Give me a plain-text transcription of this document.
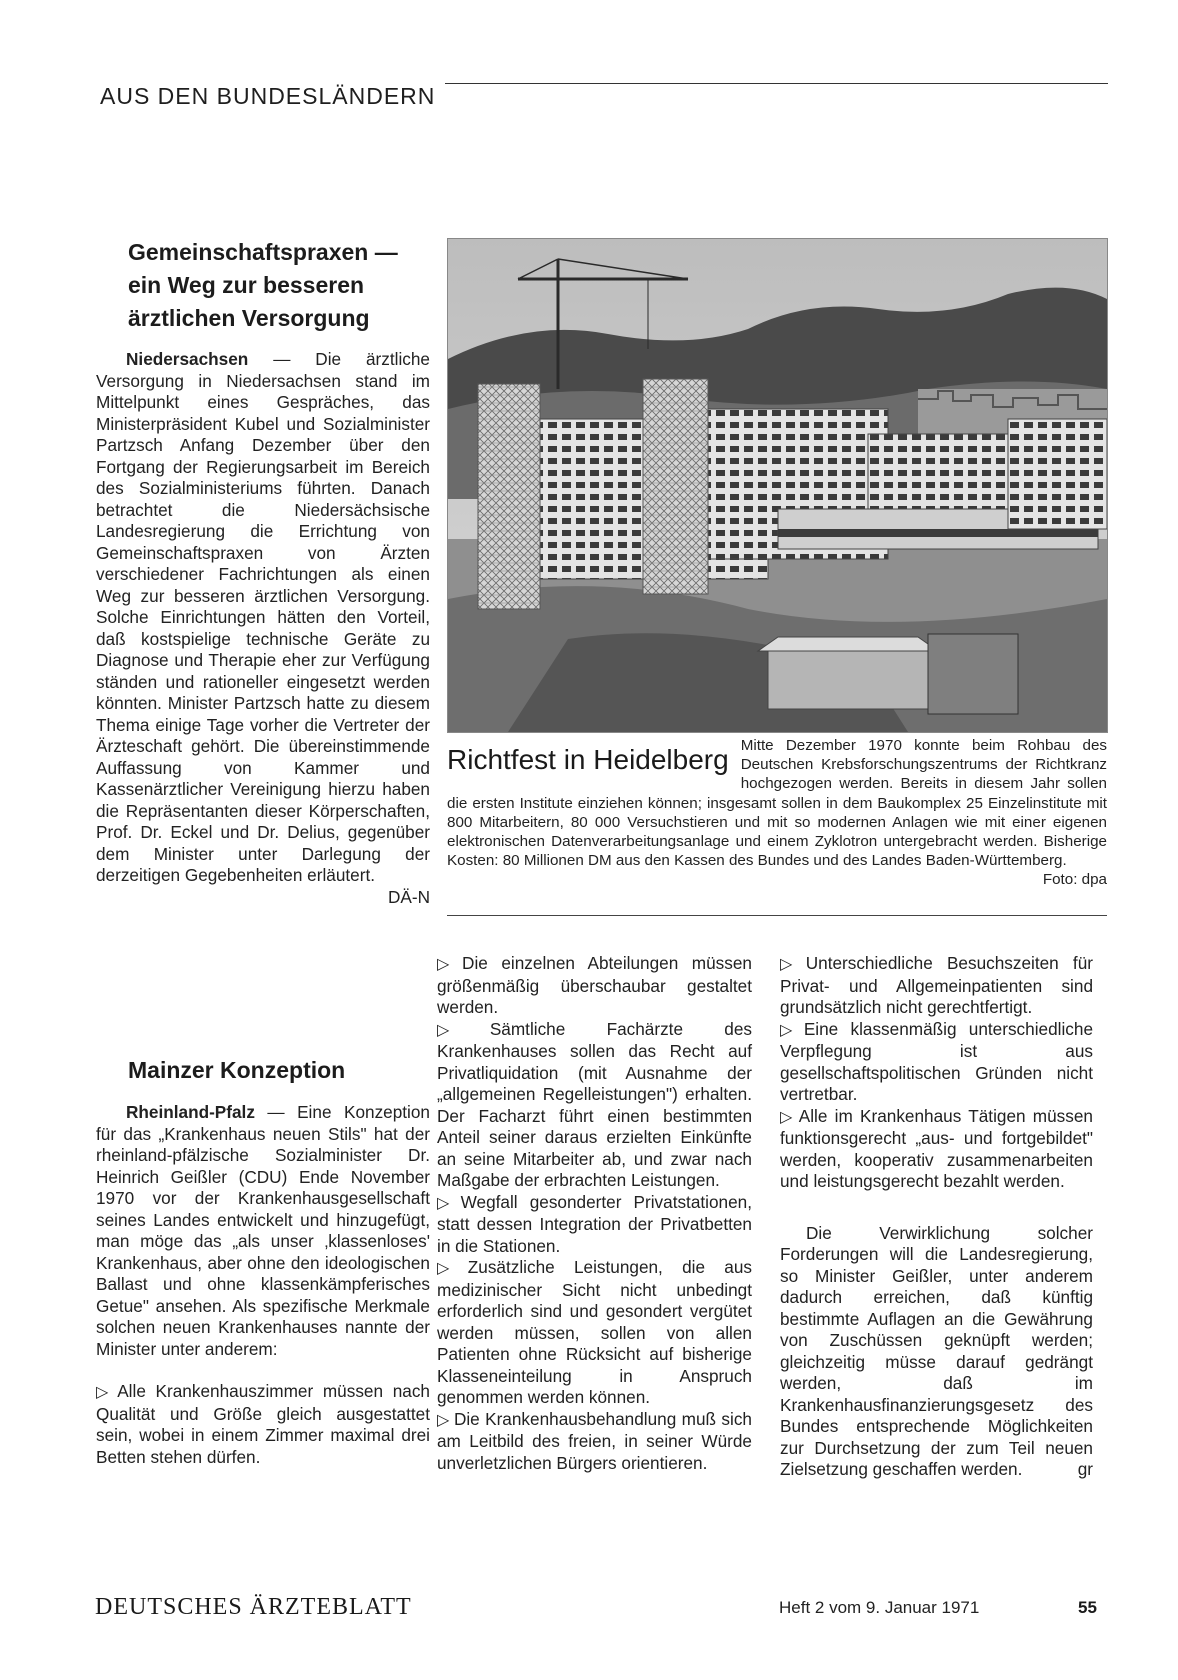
AUS DEN BUNDESLÄNDERN
Gemeinschaftspraxen —
ein Weg zur besseren
ärztlichen Versorgung

Niedersachsen — Die ärztliche Versorgung in Niedersachsen stand im Mittelpunkt eines Gespräches, das Ministerpräsident Kubel und Sozialminister Partzsch Anfang Dezember über den Fortgang der Regierungsarbeit im Bereich des Sozialministeriums führten. Danach betrachtet die Niedersächsische Landesregierung die Errichtung von Gemeinschaftspraxen von Ärzten verschiedener Fachrichtungen als einen Weg zur besseren ärztlichen Versorgung. Solche Einrichtungen hätten den Vorteil, daß kostspielige technische Geräte zu Diagnose und Therapie eher zur Verfügung ständen und rationeller eingesetzt werden könnten. Minister Partzsch hatte zu diesem Thema einige Tage vorher die Vertreter der Ärzteschaft gehört. Die übereinstimmende Auffassung von Kammer und Kassenärztlicher Vereinigung hierzu haben die Repräsentanten dieser Körperschaften, Prof. Dr. Eckel und Dr. Delius, gegenüber dem Minister unter Darlegung der derzeitigen Gegebenheiten erläutert.
DÄ-N

Mainzer Konzeption

Rheinland-Pfalz — Eine Konzeption für das „Krankenhaus neuen Stils" hat der rheinland-pfälzische Sozialminister Dr. Heinrich Geißler (CDU) Ende November 1970 vor der Krankenhausgesellschaft seines Landes entwickelt und hinzugefügt, man möge das „als unser ‚klassenloses' Krankenhaus, aber ohne den ideologischen Ballast und ohne klassenkämpferisches Getue" ansehen. Als spezifische Merkmale solchen neuen Krankenhauses nannte der Minister unter anderem:

▷ Alle Krankenhauszimmer müssen nach Qualität und Größe gleich ausgestattet sein, wobei in einem Zimmer maximal drei Betten stehen dürfen.

Richtfest in Heidelberg Mitte Dezember 1970 konnte beim Rohbau des Deutschen Krebsforschungszentrums der Richtkranz hochgezogen werden. Bereits in diesem Jahr sollen die ersten Institute einziehen können; insgesamt sollen in dem Baukomplex 25 Einzelinstitute mit 800 Mitarbeitern, 80 000 Versuchstieren und mit so modernen Anlagen wie mit einer eigenen elektronischen Datenverarbeitungsanlage und einem Zyklotron untergebracht werden. Bisherige Kosten: 80 Millionen DM aus den Kassen des Bundes und des Landes Baden-Württemberg.

Foto: dpa

▷ Die einzelnen Abteilungen müssen größenmäßig überschaubar gestaltet werden.

▷ Sämtliche Fachärzte des Krankenhauses sollen das Recht auf Privatliquidation (mit Ausnahme der „allgemeinen Regelleistungen") erhalten. Der Facharzt führt einen bestimmten Anteil seiner daraus erzielten Einkünfte an seine Mitarbeiter ab, und zwar nach Maßgabe der erbrachten Leistungen.

▷ Wegfall gesonderter Privatstationen, statt dessen Integration der Privatbetten in die Stationen.

▷ Zusätzliche Leistungen, die aus medizinischer Sicht nicht unbedingt erforderlich sind und gesondert vergütet werden müssen, sollen von allen Patienten ohne Rücksicht auf bisherige Klasseneinteilung in Anspruch genommen werden können.

▷ Die Krankenhausbehandlung muß sich am Leitbild des freien, in seiner Würde unverletzlichen Bürgers orientieren.

▷ Unterschiedliche Besuchszeiten für Privat- und Allgemeinpatienten sind grundsätzlich nicht gerechtfertigt.

▷ Eine klassenmäßig unterschiedliche Verpflegung ist aus gesellschaftspolitischen Gründen nicht vertretbar.

▷ Alle im Krankenhaus Tätigen müssen funktionsgerecht „aus- und fortgebildet" werden, kooperativ zusammenarbeiten und leistungsgerecht bezahlt werden.

Die Verwirklichung solcher Forderungen will die Landesregierung, so Minister Geißler, unter anderem dadurch erreichen, daß künftig bestimmte Auflagen an die Gewährung von Zuschüssen geknüpft werden; gleichzeitig müsse darauf gedrängt werden, daß im Krankenhausfinanzierungsgesetz des Bundes entsprechende Möglichkeiten zur Durchsetzung der zum Teil neuen Zielsetzung geschaffen werden.	gr

DEUTSCHES ÄRZTEBLATT	Heft 2 vom 9. Januar 1971	55
